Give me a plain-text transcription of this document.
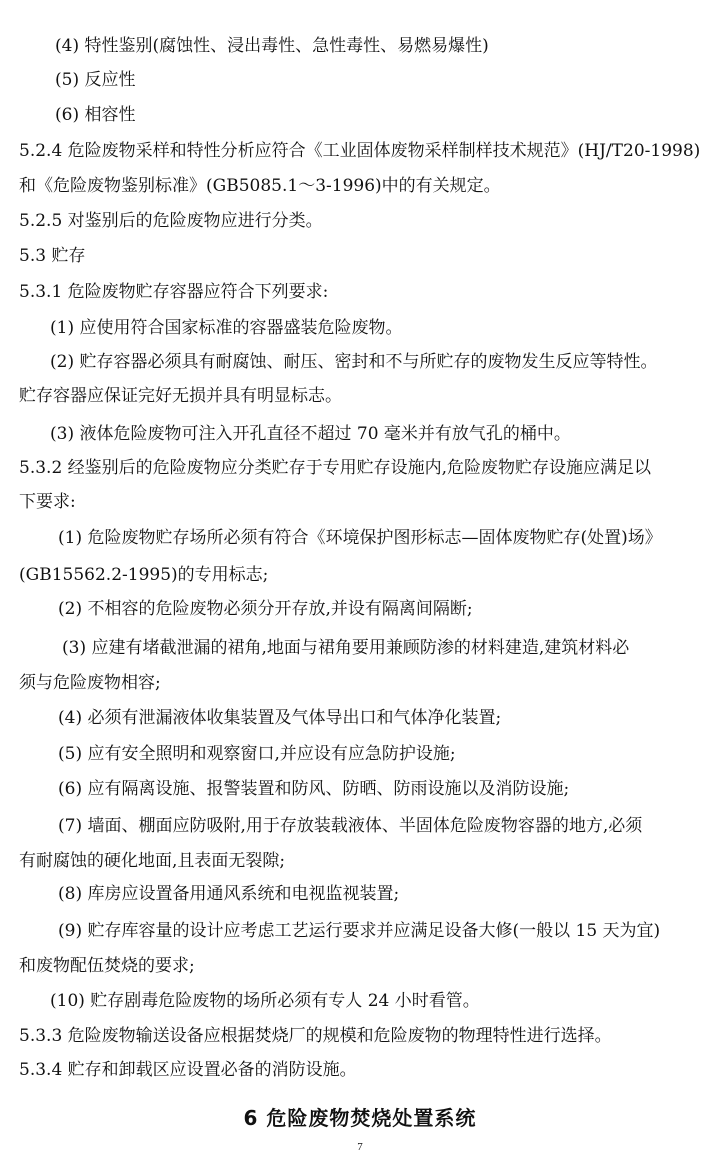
(4) 特性鉴别(腐蚀性、浸出毒性、急性毒性、易燃易爆性)
(5) 反应性
(6) 相容性
5.2.4 危险废物采样和特性分析应符合《工业固体废物采样制样技术规范》(HJ/T20-1998)
和《危险废物鉴别标准》(GB5085.1～3-1996)中的有关规定。
5.2.5 对鉴别后的危险废物应进行分类。
5.3 贮存
5.3.1 危险废物贮存容器应符合下列要求:
(1) 应使用符合国家标准的容器盛装危险废物。
(2) 贮存容器必须具有耐腐蚀、耐压、密封和不与所贮存的废物发生反应等特性。
贮存容器应保证完好无损并具有明显标志。
(3) 液体危险废物可注入开孔直径不超过 70 毫米并有放气孔的桶中。
5.3.2 经鉴别后的危险废物应分类贮存于专用贮存设施内,危险废物贮存设施应满足以
下要求:
(1) 危险废物贮存场所必须有符合《环境保护图形标志—固体废物贮存(处置)场》
(GB15562.2-1995)的专用标志;
(2) 不相容的危险废物必须分开存放,并设有隔离间隔断;
(3) 应建有堵截泄漏的裙角,地面与裙角要用兼顾防渗的材料建造,建筑材料必
须与危险废物相容;
(4) 必须有泄漏液体收集装置及气体导出口和气体净化装置;
(5) 应有安全照明和观察窗口,并应设有应急防护设施;
(6) 应有隔离设施、报警装置和防风、防晒、防雨设施以及消防设施;
(7) 墙面、棚面应防吸附,用于存放装载液体、半固体危险废物容器的地方,必须
有耐腐蚀的硬化地面,且表面无裂隙;
(8) 库房应设置备用通风系统和电视监视装置;
(9) 贮存库容量的设计应考虑工艺运行要求并应满足设备大修(一般以 15 天为宜)
和废物配伍焚烧的要求;
(10) 贮存剧毒危险废物的场所必须有专人 24 小时看管。
5.3.3 危险废物输送设备应根据焚烧厂的规模和危险废物的物理特性进行选择。
5.3.4 贮存和卸载区应设置必备的消防设施。
6 危险废物焚烧处置系统
7
